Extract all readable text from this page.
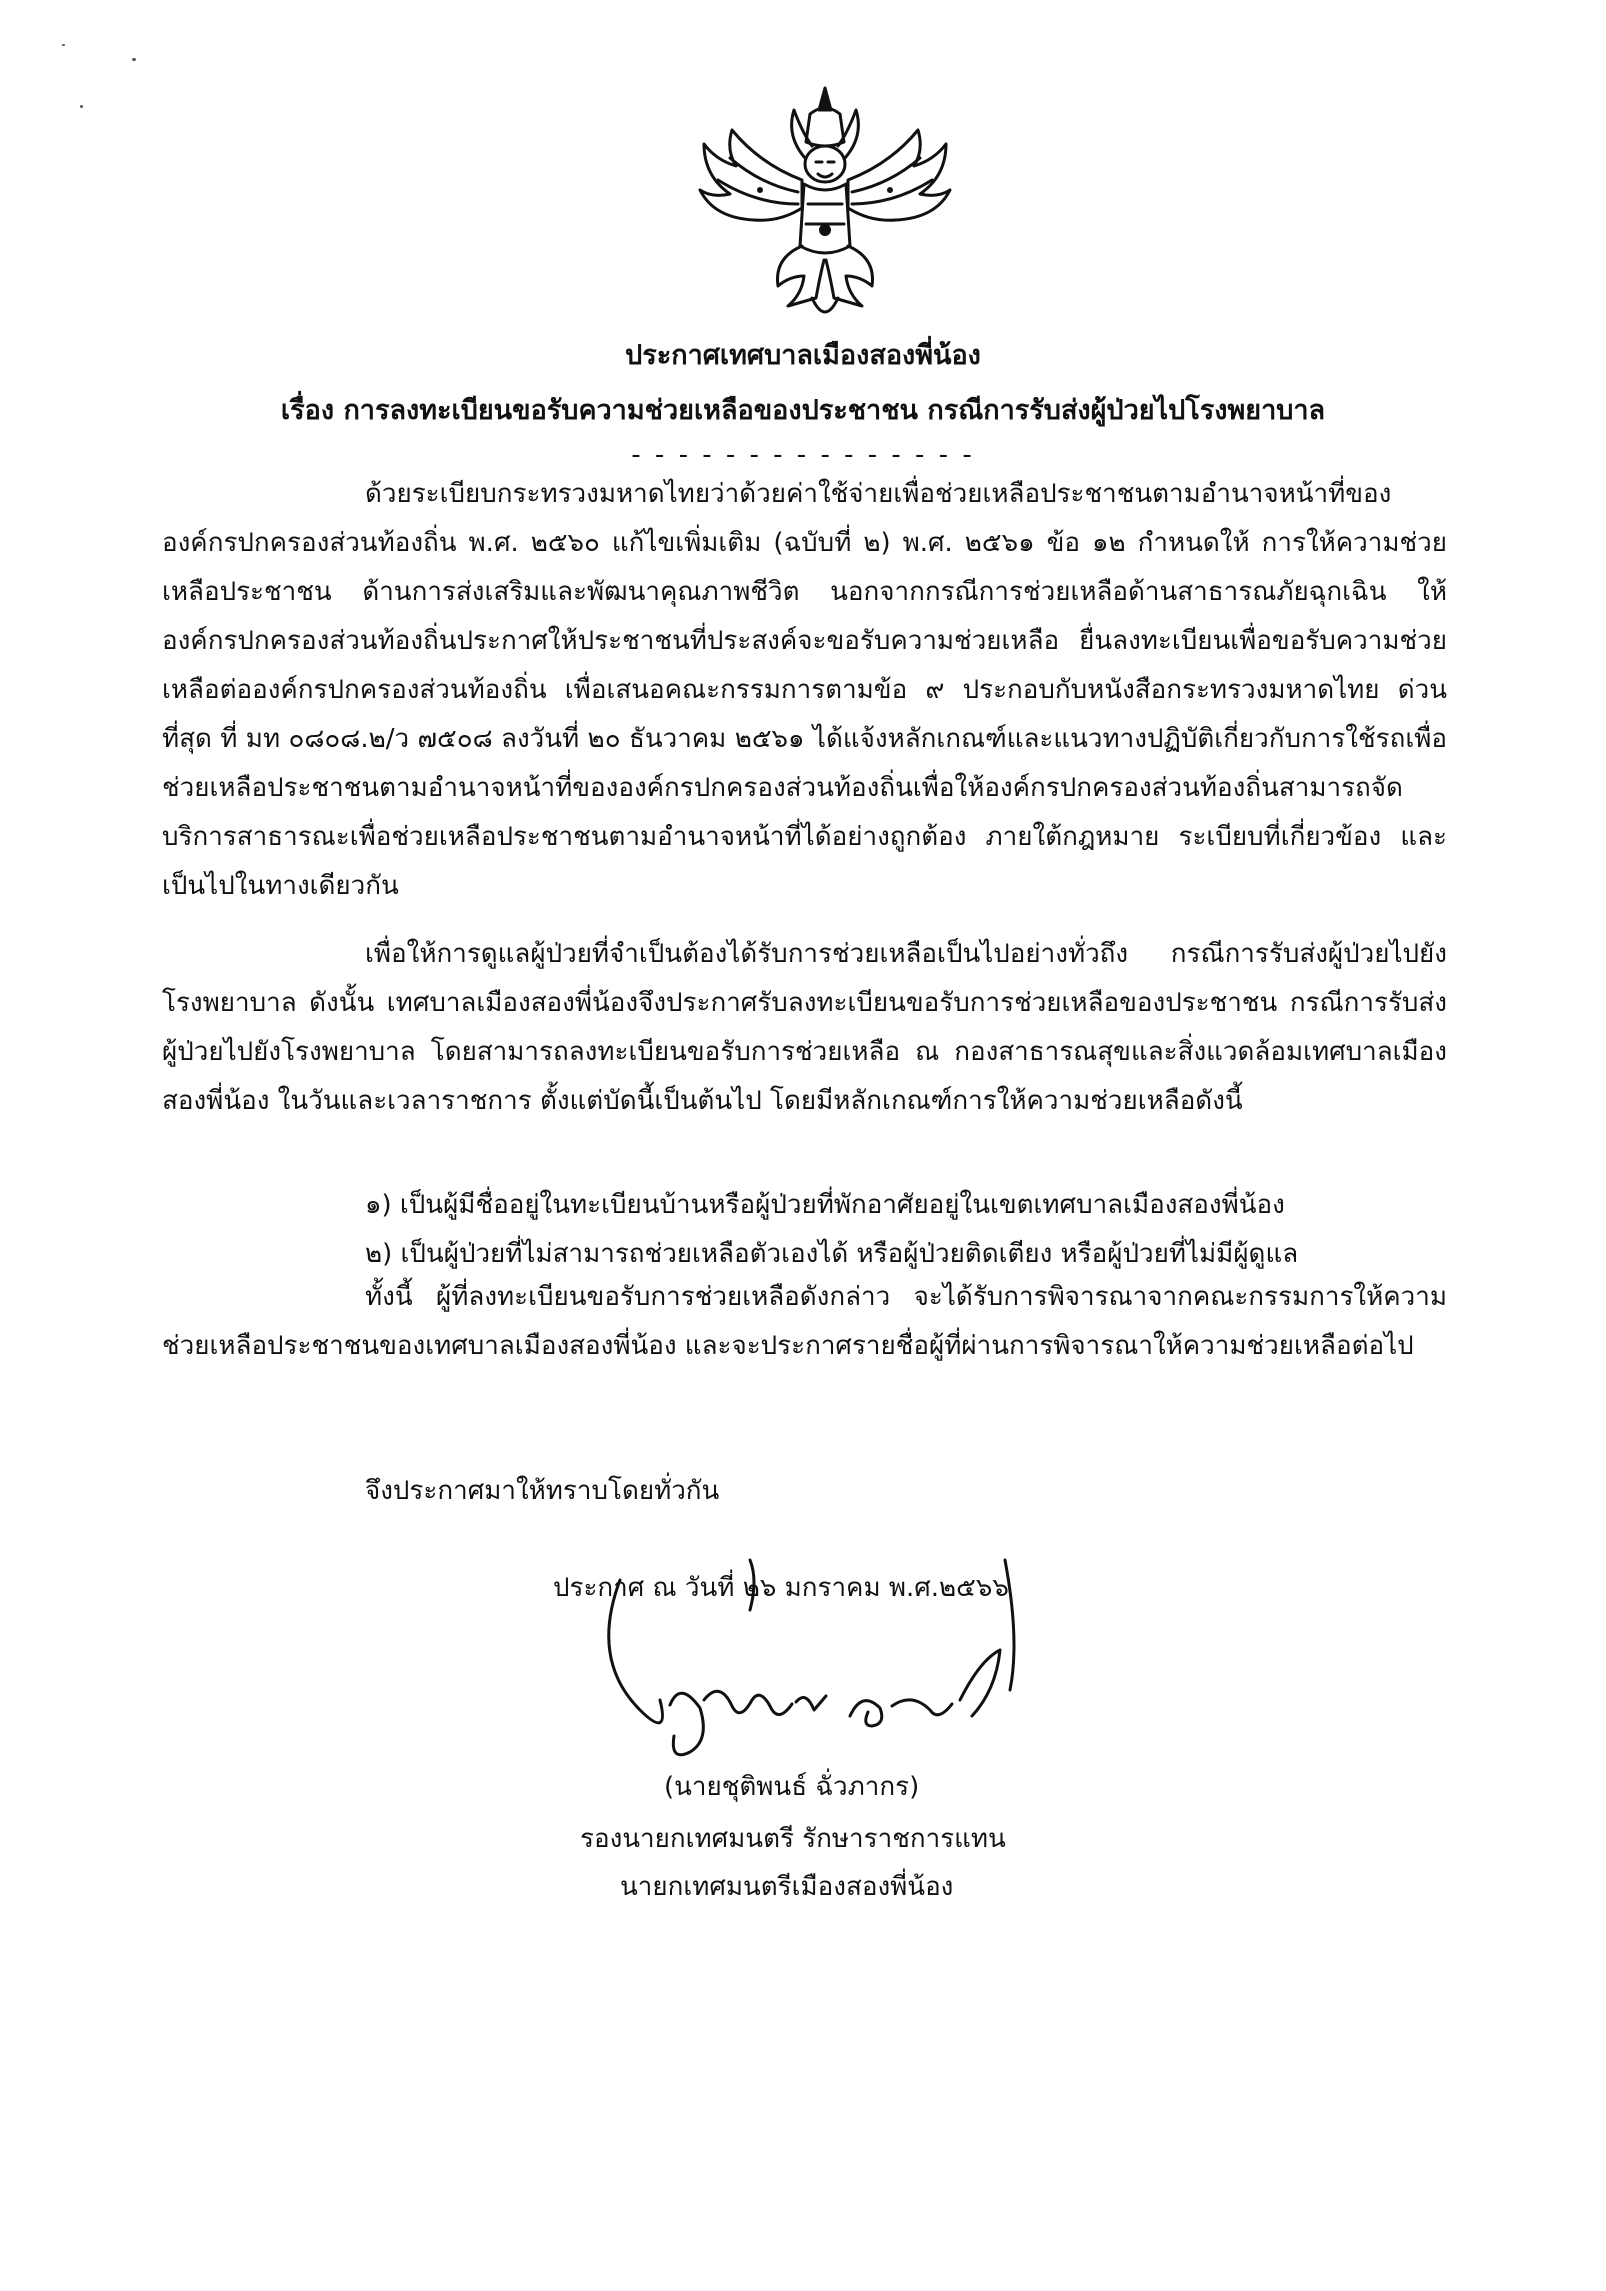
ประกาศเทศบาลเมืองสองพี่น้อง
เรื่อง การลงทะเบียนขอรับความช่วยเหลือของประชาชน กรณีการรับส่งผู้ป่วยไปโรงพยาบาล
- - - - - - - - - - - - - - -

ด้วยระเบียบกระทรวงมหาดไทยว่าด้วยค่าใช้จ่ายเพื่อช่วยเหลือประชาชนตามอำนาจหน้าที่ขององค์กรปกครองส่วนท้องถิ่น พ.ศ. ๒๕๖๐ แก้ไขเพิ่มเติม (ฉบับที่ ๒) พ.ศ. ๒๕๖๑ ข้อ ๑๒ กำหนดให้ การให้ความช่วยเหลือประชาชน ด้านการส่งเสริมและพัฒนาคุณภาพชีวิต นอกจากกรณีการช่วยเหลือด้านสาธารณภัยฉุกเฉิน ให้องค์กรปกครองส่วนท้องถิ่นประกาศให้ประชาชนที่ประสงค์จะขอรับความช่วยเหลือ ยื่นลงทะเบียนเพื่อขอรับความช่วยเหลือต่อองค์กรปกครองส่วนท้องถิ่น เพื่อเสนอคณะกรรมการตามข้อ ๙ ประกอบกับหนังสือกระทรวงมหาดไทย ด่วนที่สุด ที่ มท ๐๘๐๘.๒/ว ๗๕๐๘ ลงวันที่ ๒๐ ธันวาคม ๒๕๖๑ ได้แจ้งหลักเกณฑ์และแนวทางปฏิบัติเกี่ยวกับการใช้รถเพื่อช่วยเหลือประชาชนตามอำนาจหน้าที่ขององค์กรปกครองส่วนท้องถิ่นเพื่อให้องค์กรปกครองส่วนท้องถิ่นสามารถจัดบริการสาธารณะเพื่อช่วยเหลือประชาชนตามอำนาจหน้าที่ได้อย่างถูกต้อง ภายใต้กฎหมาย ระเบียบที่เกี่ยวข้อง และเป็นไปในทางเดียวกัน

เพื่อให้การดูแลผู้ป่วยที่จำเป็นต้องได้รับการช่วยเหลือเป็นไปอย่างทั่วถึง กรณีการรับส่งผู้ป่วยไปยังโรงพยาบาล ดังนั้น เทศบาลเมืองสองพี่น้องจึงประกาศรับลงทะเบียนขอรับการช่วยเหลือของประชาชน กรณีการรับส่งผู้ป่วยไปยังโรงพยาบาล โดยสามารถลงทะเบียนขอรับการช่วยเหลือ ณ กองสาธารณสุขและสิ่งแวดล้อมเทศบาลเมืองสองพี่น้อง ในวันและเวลาราชการ ตั้งแต่บัดนี้เป็นต้นไป โดยมีหลักเกณฑ์การให้ความช่วยเหลือดังนี้

๑) เป็นผู้มีชื่ออยู่ในทะเบียนบ้านหรือผู้ป่วยที่พักอาศัยอยู่ในเขตเทศบาลเมืองสองพี่น้อง
๒) เป็นผู้ป่วยที่ไม่สามารถช่วยเหลือตัวเองได้ หรือผู้ป่วยติดเตียง หรือผู้ป่วยที่ไม่มีผู้ดูแล

ทั้งนี้ ผู้ที่ลงทะเบียนขอรับการช่วยเหลือดังกล่าว จะได้รับการพิจารณาจากคณะกรรมการให้ความช่วยเหลือประชาชนของเทศบาลเมืองสองพี่น้อง และจะประกาศรายชื่อผู้ที่ผ่านการพิจารณาให้ความช่วยเหลือต่อไป

จึงประกาศมาให้ทราบโดยทั่วกัน
ประกาศ ณ วันที่ ๒๖ มกราคม พ.ศ.๒๕๖๖
(นายชุติพนธ์ ฉั่วภากร)
รองนายกเทศมนตรี รักษาราชการแทน
นายกเทศมนตรีเมืองสองพี่น้อง
